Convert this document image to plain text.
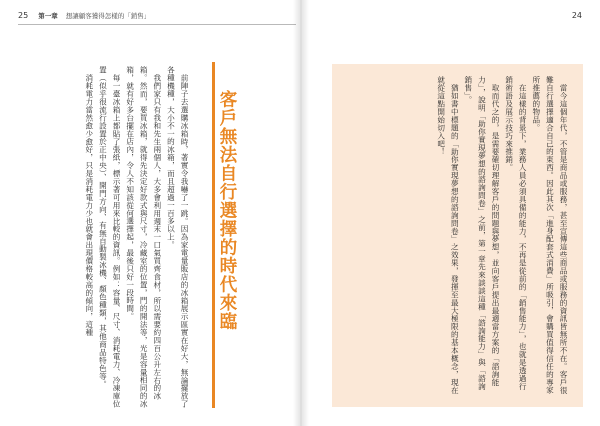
25 第一章 想讓顧客獲得怎樣的「銷售」

前陣子去選購冰箱時，著實令我嚇了一跳。因為家電量販店的冰箱展示區實在好大，無論擺放了各種機種，大小不一的冰箱，而且超過一百多以上。

我們家只有我和先生兩個人，大多會利用週末一口氣買齊食材，所以需要約四百公升左右的冰箱。然而，要買冰箱，就得先決定好款式與尺寸，冷藏室的位置，門的開法等，光是容量相同的冰箱，就有好多台擺在店內，令人不知該從何選擇起，最後只好一段時間。

每一臺冰箱上都貼了張紙，標示著可用來比較的資訊。例如：容量、尺寸、消耗電力、冷凍庫位置（似乎很流行設置於正中央）、開門方向、有無自動製冰機、顏色種類，其他商品特色等。

消耗電力當然愈少愈好，只是消耗電力少也就會出現價格較高的傾向，這種	客戶無法自行選擇的時代來臨
24

當今這個年代，不管是商品或服務，甚至宣傳這些商品或服務的資訊皆無所不在。客戶很難自行選擇適合自己的東西。因此其次「進身配套式消費」所吸引，會購買值得信任的專家所推薦的物品。

在這樣的背景下，業務人員必須具備的能力，不再是從前的「銷售能力」，也就是透過行銷術語及展示技巧來推銷。

取而代之的，是需要確切理解客戶的問題與夢想，並向客戶提出最適當方案的「諮詢能力」，說明「助你實現夢想的諮詢問卷」之前，第一章先來談談這種「諮詢能力」與「諮詢銷售」。

猶如書中標題的「助你實現夢想的諮詢問卷」之效果，發揮至最大極限的基本概念，現在就從這點開始切入吧！
